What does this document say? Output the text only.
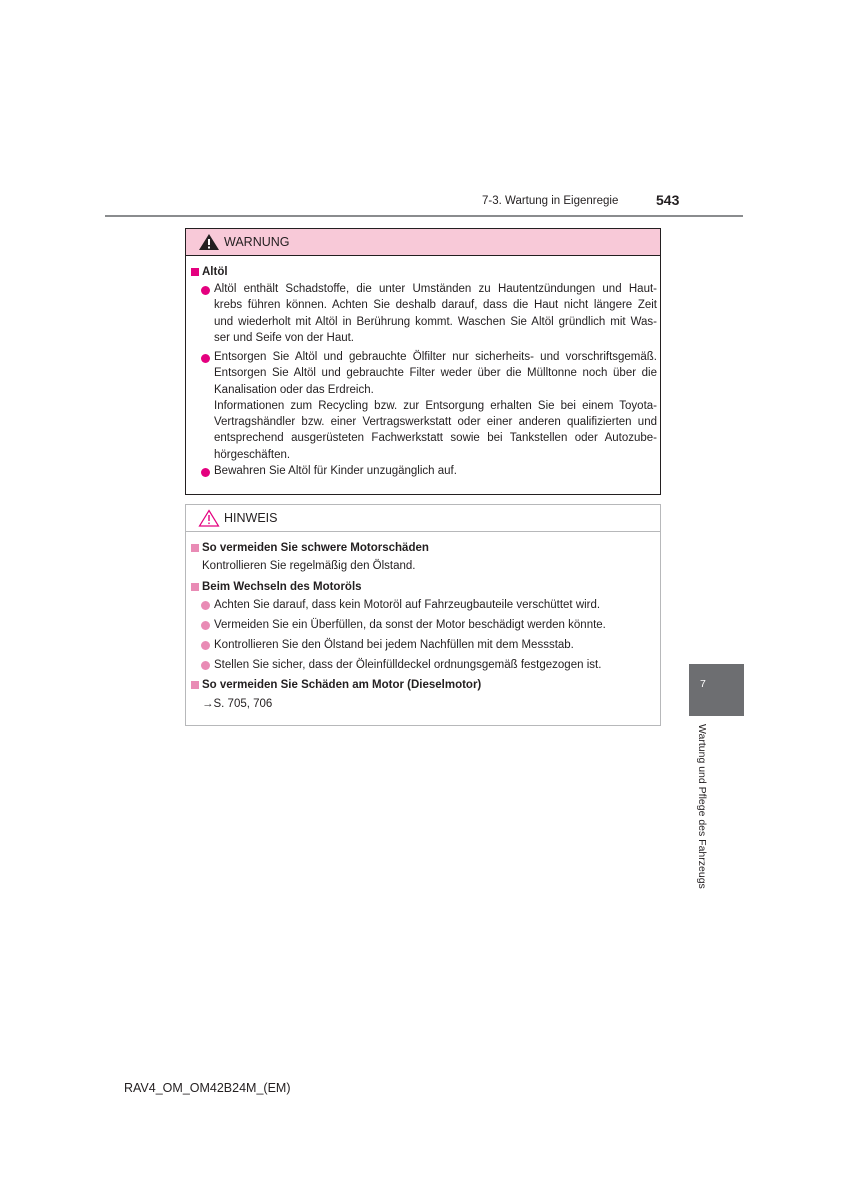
7-3. Wartung in Eigenregie	543
WARNUNG
Altöl
Altöl enthält Schadstoffe, die unter Umständen zu Hautentzündungen und Haut-
krebs führen können. Achten Sie deshalb darauf, dass die Haut nicht längere Zeit
und wiederholt mit Altöl in Berührung kommt. Waschen Sie Altöl gründlich mit Was-
ser und Seife von der Haut.
Entsorgen Sie Altöl und gebrauchte Ölfilter nur sicherheits- und vorschriftsgemäß.
Entsorgen Sie Altöl und gebrauchte Filter weder über die Mülltonne noch über die
Kanalisation oder das Erdreich.
Informationen zum Recycling bzw. zur Entsorgung erhalten Sie bei einem Toyota-
Vertragshändler bzw. einer Vertragswerkstatt oder einer anderen qualifizierten und
entsprechend ausgerüsteten Fachwerkstatt sowie bei Tankstellen oder Autozube-
hörgeschäften.
Bewahren Sie Altöl für Kinder unzugänglich auf.
HINWEIS
So vermeiden Sie schwere Motorschäden
Kontrollieren Sie regelmäßig den Ölstand.
Beim Wechseln des Motoröls
Achten Sie darauf, dass kein Motoröl auf Fahrzeugbauteile verschüttet wird.
Vermeiden Sie ein Überfüllen, da sonst der Motor beschädigt werden könnte.
Kontrollieren Sie den Ölstand bei jedem Nachfüllen mit dem Messstab.
Stellen Sie sicher, dass der Öleinfülldeckel ordnungsgemäß festgezogen ist.
So vermeiden Sie Schäden am Motor (Dieselmotor)
→S. 705, 706
7
Wartung und Pflege des Fahrzeugs
RAV4_OM_OM42B24M_(EM)
